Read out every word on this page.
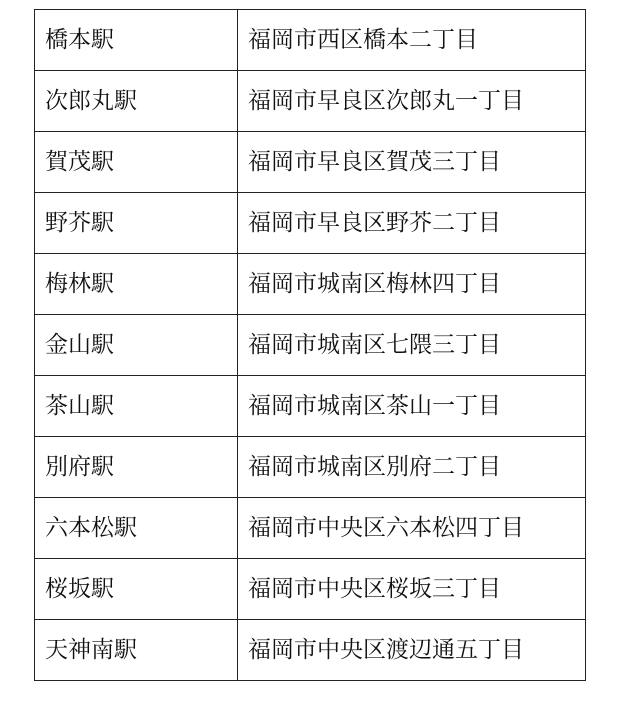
橋本駅	福岡市西区橋本二丁目
次郎丸駅	福岡市早良区次郎丸一丁目
賀茂駅	福岡市早良区賀茂三丁目
野芥駅	福岡市早良区野芥二丁目
梅林駅	福岡市城南区梅林四丁目
金山駅	福岡市城南区七隈三丁目
茶山駅	福岡市城南区茶山一丁目
別府駅	福岡市城南区別府二丁目
六本松駅	福岡市中央区六本松四丁目
桜坂駅	福岡市中央区桜坂三丁目
天神南駅	福岡市中央区渡辺通五丁目
